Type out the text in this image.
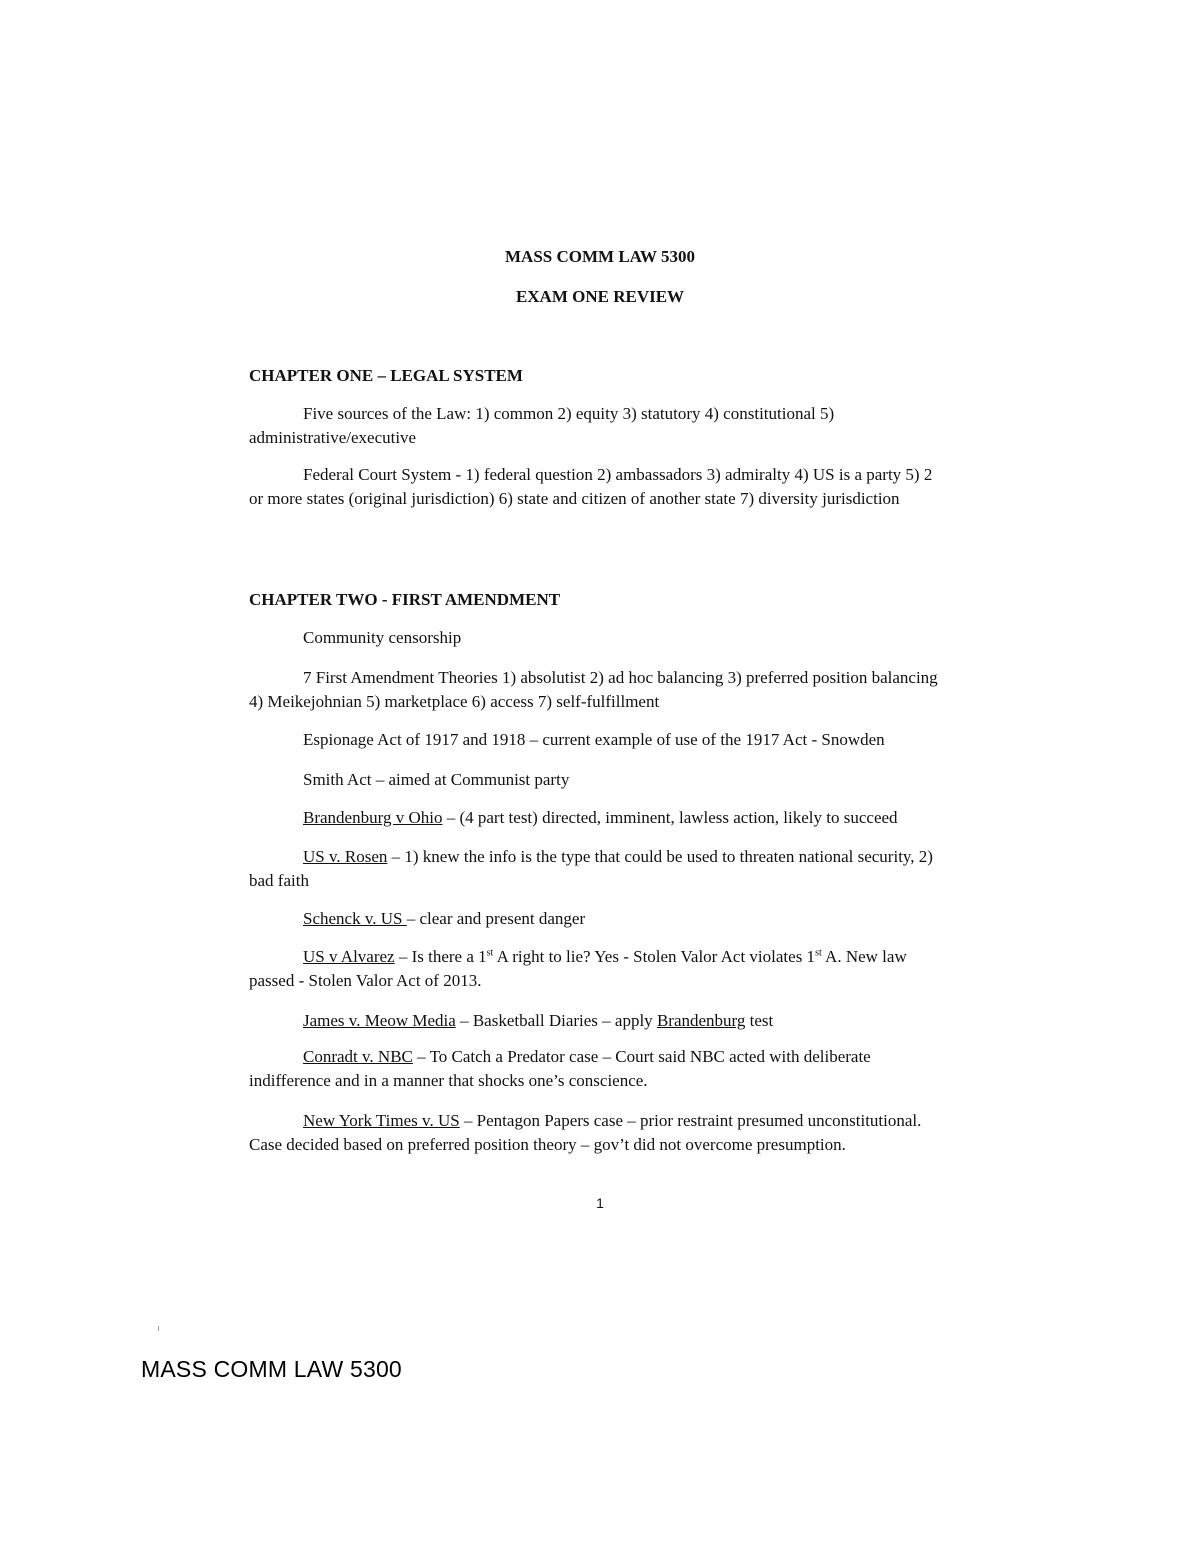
MASS COMM LAW 5300
EXAM ONE REVIEW
CHAPTER ONE – LEGAL SYSTEM

Five sources of the Law: 1) common 2) equity 3) statutory 4) constitutional 5) administrative/executive

Federal Court System - 1) federal question 2) ambassadors 3) admiralty 4) US is a party 5) 2 or more states (original jurisdiction) 6) state and citizen of another state 7) diversity jurisdiction

CHAPTER TWO - FIRST AMENDMENT

Community censorship

7 First Amendment Theories 1) absolutist 2) ad hoc balancing 3) preferred position balancing 4) Meikejohnian 5) marketplace 6) access 7) self-fulfillment

Espionage Act of 1917 and 1918 – current example of use of the 1917 Act - Snowden

Smith Act – aimed at Communist party

Brandenburg v Ohio – (4 part test) directed, imminent, lawless action, likely to succeed

US v. Rosen – 1) knew the info is the type that could be used to threaten national security, 2) bad faith

Schenck v. US – clear and present danger

US v Alvarez – Is there a 1st A right to lie? Yes - Stolen Valor Act violates 1st A. New law passed - Stolen Valor Act of 2013.

James v. Meow Media – Basketball Diaries – apply Brandenburg test

Conradt v. NBC – To Catch a Predator case – Court said NBC acted with deliberate indifference and in a manner that shocks one’s conscience.

New York Times v. US – Pentagon Papers case – prior restraint presumed unconstitutional. Case decided based on preferred position theory – gov’t did not overcome presumption.

1
MASS COMM LAW 5300
